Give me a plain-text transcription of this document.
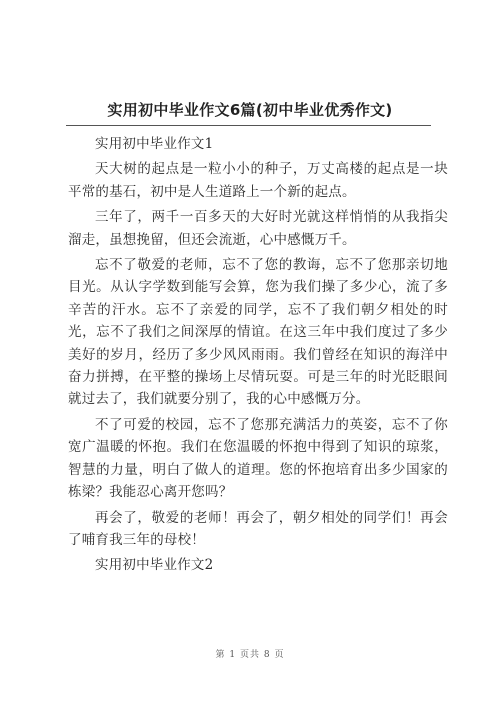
实用初中毕业作文6篇(初中毕业优秀作文)

实用初中毕业作文1

天大树的起点是一粒小小的种子，万丈高楼的起点是一块平常的基石，初中是人生道路上一个新的起点。

三年了，两千一百多天的大好时光就这样悄悄的从我指尖溜走，虽想挽留，但还会流逝，心中感慨万千。

忘不了敬爱的老师，忘不了您的教诲，忘不了您那亲切地目光。从认字学数到能写会算，您为我们操了多少心，流了多辛苦的汗水。忘不了亲爱的同学，忘不了我们朝夕相处的时光，忘不了我们之间深厚的情谊。在这三年中我们度过了多少美好的岁月，经历了多少风风雨雨。我们曾经在知识的海洋中奋力拼搏，在平整的操场上尽情玩耍。可是三年的时光眨眼间就过去了，我们就要分别了，我的心中感慨万分。

不了可爱的校园，忘不了您那充满活力的英姿，忘不了你宽广温暖的怀抱。我们在您温暖的怀抱中得到了知识的琼浆，智慧的力量，明白了做人的道理。您的怀抱培育出多少国家的栋梁？我能忍心离开您吗？

再会了，敬爱的老师！再会了，朝夕相处的同学们！再会了哺育我三年的母校！

实用初中毕业作文2

第 1 页共 8 页
